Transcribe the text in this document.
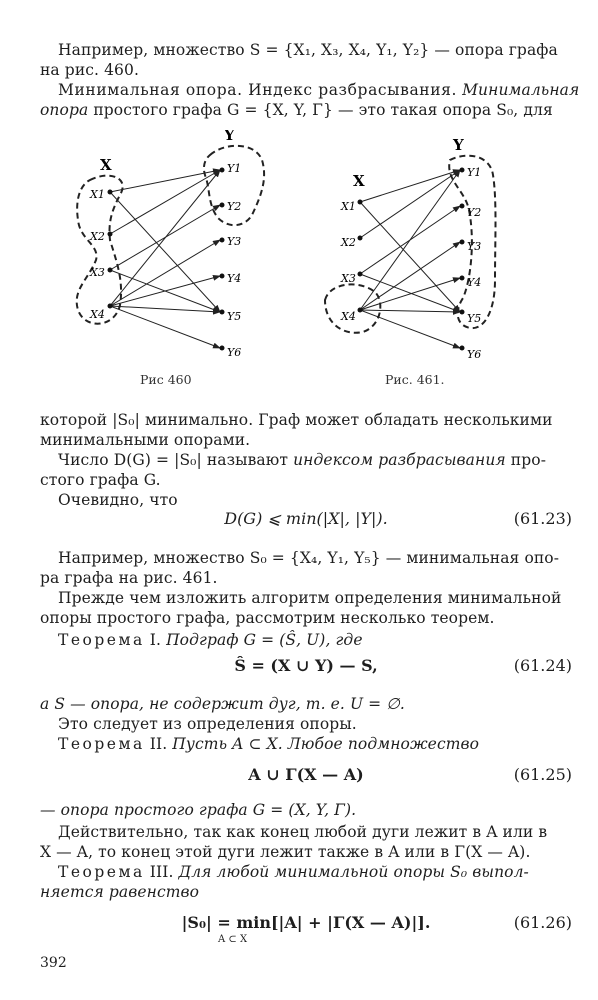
Например, множество S = {X₁, X₃, X₄, Y₁, Y₂} — опора графа
на рис. 460.
Минимальная опора. Индекс разбрасывания. Минимальная
опора простого графа G = {X, Y, Γ} — это такая опора S₀, для
X
Y
X1
X2
X3
X4
Y1
Y2
Y3
Y4
Y5
Y6
Рис 460
X
Y
X1
X2
X3
X4
Y1
Y2
Y3
Y4
Y5
Y6
Рис. 461.
которой |S₀| минимально. Граф может обладать несколькими
минимальными опорами.
Число D(G) = |S₀| называют индексом разбрасывания про-
стого графа G.
Очевидно, что
D(G) ⩽ min(|X|, |Y|).	(61.23)
Например, множество S₀ = {X₄, Y₁, Y₅} — минимальная опо-
ра графа на рис. 461.
Прежде чем изложить алгоритм определения минимальной
опоры простого графа, рассмотрим несколько теорем.
Теорема I. Подграф G = (Ŝ, U), где
Ŝ = (X ∪ Y) — S,	(61.24)
а S — опора, не содержит дуг, т. е. U = ∅.
Это следует из определения опоры.
Теорема II. Пусть A ⊂ X. Любое подмножество
A ∪ Γ(X — A)	(61.25)
— опора простого графа G = (X, Y, Γ).
Действительно, так как конец любой дуги лежит в A или в
X — A, то конец этой дуги лежит также в A или в Γ(X — A).
Теорема III. Для любой минимальной опоры S₀ выпол-
няется равенство
|S₀| = min[|A| + |Γ(X — A)|].	(61.26)
A ⊂ X
392
